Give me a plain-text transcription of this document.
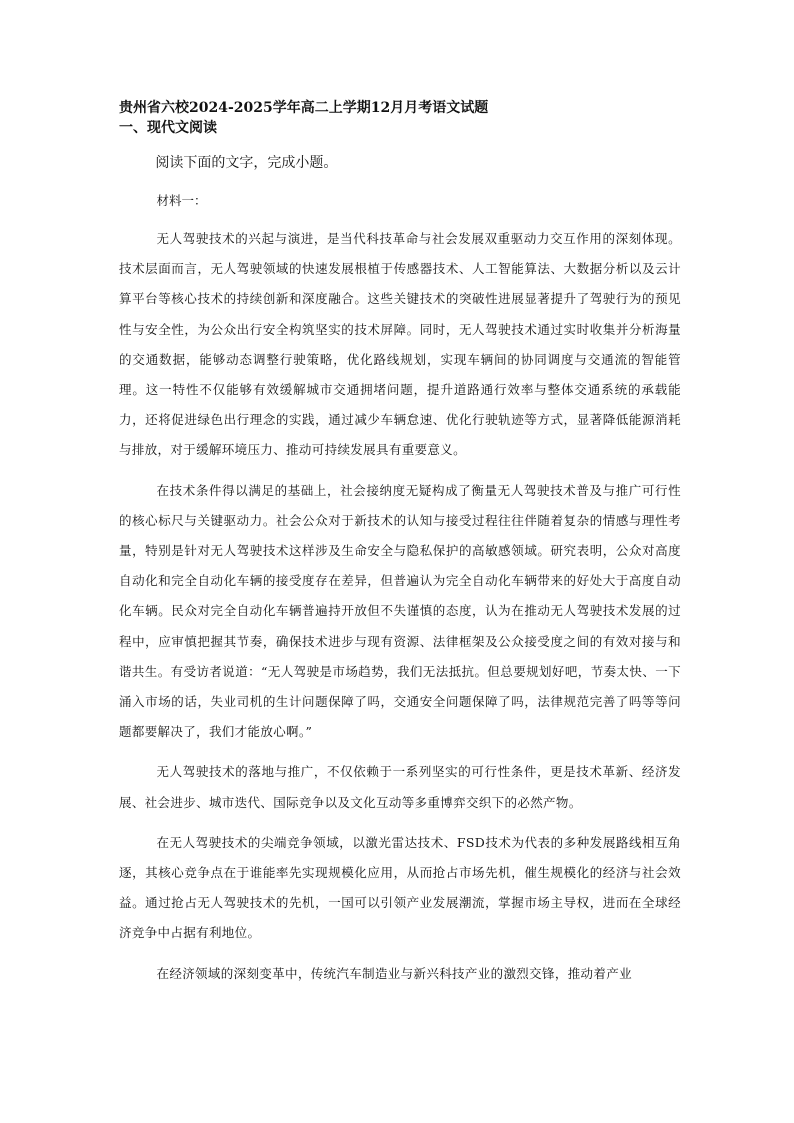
贵州省六校2024-2025学年高二上学期12月月考语文试题
一、现代文阅读

阅读下面的文字，完成小题。

材料一：

无人驾驶技术的兴起与演进，是当代科技革命与社会发展双重驱动力交互作用的深刻体现。技术层面而言，无人驾驶领域的快速发展根植于传感器技术、人工智能算法、大数据分析以及云计算平台等核心技术的持续创新和深度融合。这些关键技术的突破性进展显著提升了驾驶行为的预见性与安全性，为公众出行安全构筑坚实的技术屏障。同时，无人驾驶技术通过实时收集并分析海量的交通数据，能够动态调整行驶策略，优化路线规划，实现车辆间的协同调度与交通流的智能管理。这一特性不仅能够有效缓解城市交通拥堵问题，提升道路通行效率与整体交通系统的承载能力，还将促进绿色出行理念的实践，通过减少车辆怠速、优化行驶轨迹等方式，显著降低能源消耗与排放，对于缓解环境压力、推动可持续发展具有重要意义。

在技术条件得以满足的基础上，社会接纳度无疑构成了衡量无人驾驶技术普及与推广可行性的核心标尺与关键驱动力。社会公众对于新技术的认知与接受过程往往伴随着复杂的情感与理性考量，特别是针对无人驾驶技术这样涉及生命安全与隐私保护的高敏感领域。研究表明，公众对高度自动化和完全自动化车辆的接受度存在差异，但普遍认为完全自动化车辆带来的好处大于高度自动化车辆。民众对完全自动化车辆普遍持开放但不失谨慎的态度，认为在推动无人驾驶技术发展的过程中，应审慎把握其节奏，确保技术进步与现有资源、法律框架及公众接受度之间的有效对接与和谐共生。有受访者说道：“无人驾驶是市场趋势，我们无法抵抗。但总要规划好吧，节奏太快、一下涌入市场的话，失业司机的生计问题保障了吗，交通安全问题保障了吗，法律规范完善了吗等等问题都要解决了，我们才能放心啊。”

无人驾驶技术的落地与推广，不仅依赖于一系列坚实的可行性条件，更是技术革新、经济发展、社会进步、城市迭代、国际竞争以及文化互动等多重博弈交织下的必然产物。

在无人驾驶技术的尖端竞争领域，以激光雷达技术、FSD技术为代表的多种发展路线相互角逐，其核心竞争点在于谁能率先实现规模化应用，从而抢占市场先机，催生规模化的经济与社会效益。通过抢占无人驾驶技术的先机，一国可以引领产业发展潮流，掌握市场主导权，进而在全球经济竞争中占据有利地位。

在经济领域的深刻变革中，传统汽车制造业与新兴科技产业的激烈交锋，推动着产业
